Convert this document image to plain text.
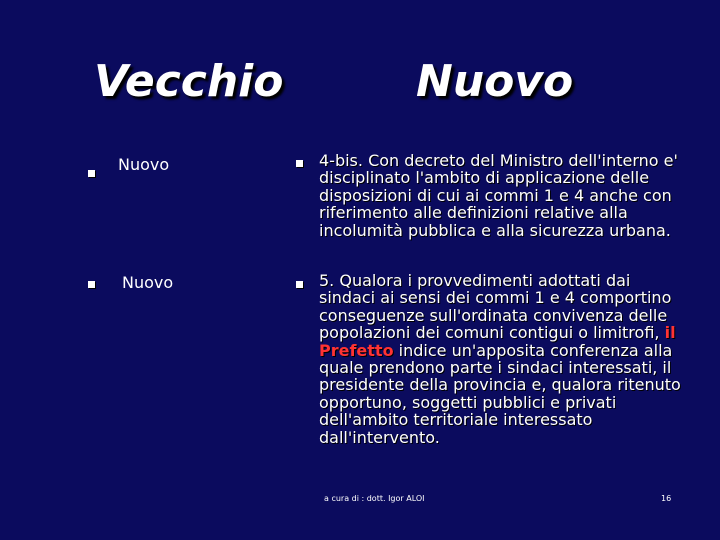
Vecchio	Nuovo
Nuovo
Nuovo
4-bis. Con decreto del Ministro dell'interno e' disciplinato l'ambito di applicazione delle disposizioni di cui ai commi 1 e 4 anche con riferimento alle definizioni relative alla incolumità pubblica e alla sicurezza urbana.
5. Qualora i provvedimenti adottati dai sindaci ai sensi dei commi 1 e 4 comportino conseguenze sull'ordinata convivenza delle popolazioni dei comuni contigui o limitrofi, il Prefetto indice un'apposita conferenza alla quale prendono parte i sindaci interessati, il presidente della provincia e, qualora ritenuto opportuno, soggetti pubblici e privati dell'ambito territoriale interessato dall'intervento.
a cura di : dott. Igor ALOI	16
